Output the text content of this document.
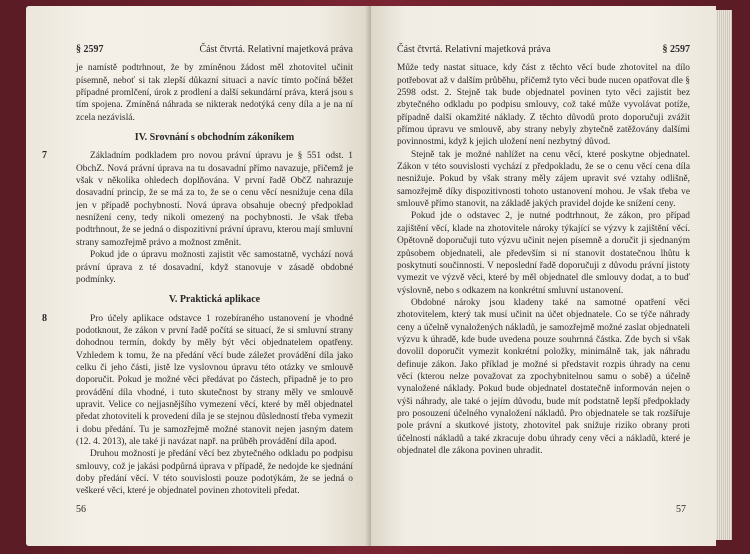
§ 2597	Část čtvrtá. Relativní majetková práva

je namístě podtrhnout, že by zmíněnou žádost měl zhotovitel učinit písemně, neboť si tak zlepší důkazní situaci a navíc tímto počíná běžet případné promlčení, úrok z prodlení a další sekundární práva, která jsou s tím spojena. Zmíněná náhrada se nikterak nedotýká ceny díla a je na ní zcela nezávislá.

IV. Srovnání s obchodním zákoníkem
7	Základním podkladem pro novou právní úpravu je § 551 odst. 1 ObchZ. Nová právní úprava na tu dosavadní přímo navazuje, přičemž je však v několika ohledech doplňována. V první řadě ObčZ nahrazuje dosavadní princip, že se má za to, že se o cenu věcí nesnižuje cena díla jen v případě pochybností. Nová úprava obsahuje obecný předpoklad nesnížení ceny, tedy nikoli omezený na pochybnosti. Je však třeba podtrhnout, že se jedná o dispozitivní právní úpravu, kterou mají smluvní strany samozřejmě právo a možnost změnit.

Pokud jde o úpravu možnosti zajistit věc samostatně, vychází nová právní úprava z té dosavadní, když stanovuje v zásadě obdobné podmínky.

V. Praktická aplikace
8	Pro účely aplikace odstavce 1 rozebíraného ustanovení je vhodné podotknout, že zákon v první řadě počítá se situací, že si smluvní strany dohodnou termín, dokdy by měly být věci objednatelem opatřeny. Vzhledem k tomu, že na předání věcí bude záležet provádění díla jako celku či jeho části, jistě lze vyslovnou úpravu této otázky ve smlouvě doporučit. Pokud je možné věci předávat po částech, připadně je to pro provádění díla vhodné, i tuto skutečnost by strany měly ve smlouvě upravit. Velice co nejjasnějšího vymezení věcí, které by měl objednatel předat zhotoviteli k provedení díla je se stejnou důsledností třeba vymezit i dobu předání. Tu je samozřejmě možné stanovit nejen jasným datem (12. 4. 2013), ale také ji navázat např. na průběh provádění díla apod.

Druhou možností je předání věcí bez zbytečného odkladu po podpisu smlouvy, což je jakási podpůrná úprava v případě, že nedojde ke sjednání doby předání věcí. V této souvislosti pouze podotýkám, že se jedná o veškeré věci, které je objednatel povinen zhotoviteli předat.

56
Část čtvrtá. Relativní majetková práva	§ 2597

Může tedy nastat situace, kdy část z těchto věcí bude zhotovitel na dílo potřebovat až v dalším průběhu, přičemž tyto věci bude nucen opatřovat dle § 2598 odst. 2. Stejně tak bude objednatel povinen tyto věci zajistit bez zbytečného odkladu po podpisu smlouvy, což také může vyvolávat potíže, případně další okamžité náklady. Z těchto důvodů proto doporučuji zvážit přímou úpravu ve smlouvě, aby strany nebyly zbytečně zatěžovány dalšími povinnostmi, když k jejich uložení není nezbytný důvod.

Stejně tak je možné nahlížet na cenu věcí, které poskytne objednatel. Zákon v této souvislosti vychází z předpokladu, že se o cenu věcí cena díla nesnižuje. Pokud by však strany měly zájem upravit své vztahy odlišně, samozřejmě díky dispozitivnosti tohoto ustanovení mohou. Je však třeba ve smlouvě přímo stanovit, na základě jakých pravidel dojde ke snížení ceny.

Pokud jde o odstavec 2, je nutné podtrhnout, že zákon, pro případ zajištění věcí, klade na zhotovitele nároky týkající se výzvy k zajištění věcí. Opětovně doporučuji tuto výzvu učinit nejen písemně a doručit ji sjednaným způsobem objednateli, ale především si ní stanovit dostatečnou lhůtu k poskytnutí součinnosti. V neposlední řadě doporučuji z důvodu právní jistoty vymezit ve výzvě věci, které by měl objednatel dle smlouvy dodat, a to buď výslovně, nebo s odkazem na konkrétní smluvní ustanovení.

Obdobné nároky jsou kladeny také na samotné opatření věci zhotovitelem, který tak musí učinit na účet objednatele. Co se týče náhrady ceny a účelně vynaložených nákladů, je samozřejmě možné zaslat objednateli výzvu k úhradě, kde bude uvedena pouze souhrnná částka. Zde bych si však dovolil doporučit vymezit konkrétní položky, minimálně tak, jak náhradu definuje zákon. Jako příklad je možné si představit rozpis úhrady na cenu věcí (kterou nelze považovat za zpochybnitelnou samu o sobě) a účelně vynaložené náklady. Pokud bude objednatel dostatečně informován nejen o výši náhrady, ale také o jejím důvodu, bude mít podstatně lepší předpoklady pro posouzení účelného vynaložení nákladů. Pro objednatele se tak rozšiřuje pole právní a skutkové jistoty, zhotovitel pak snižuje riziko obrany proti účelnosti nákladů a také zkracuje dobu úhrady ceny věci a nákladů, které je objednatel dle zákona povinen uhradit.

57
